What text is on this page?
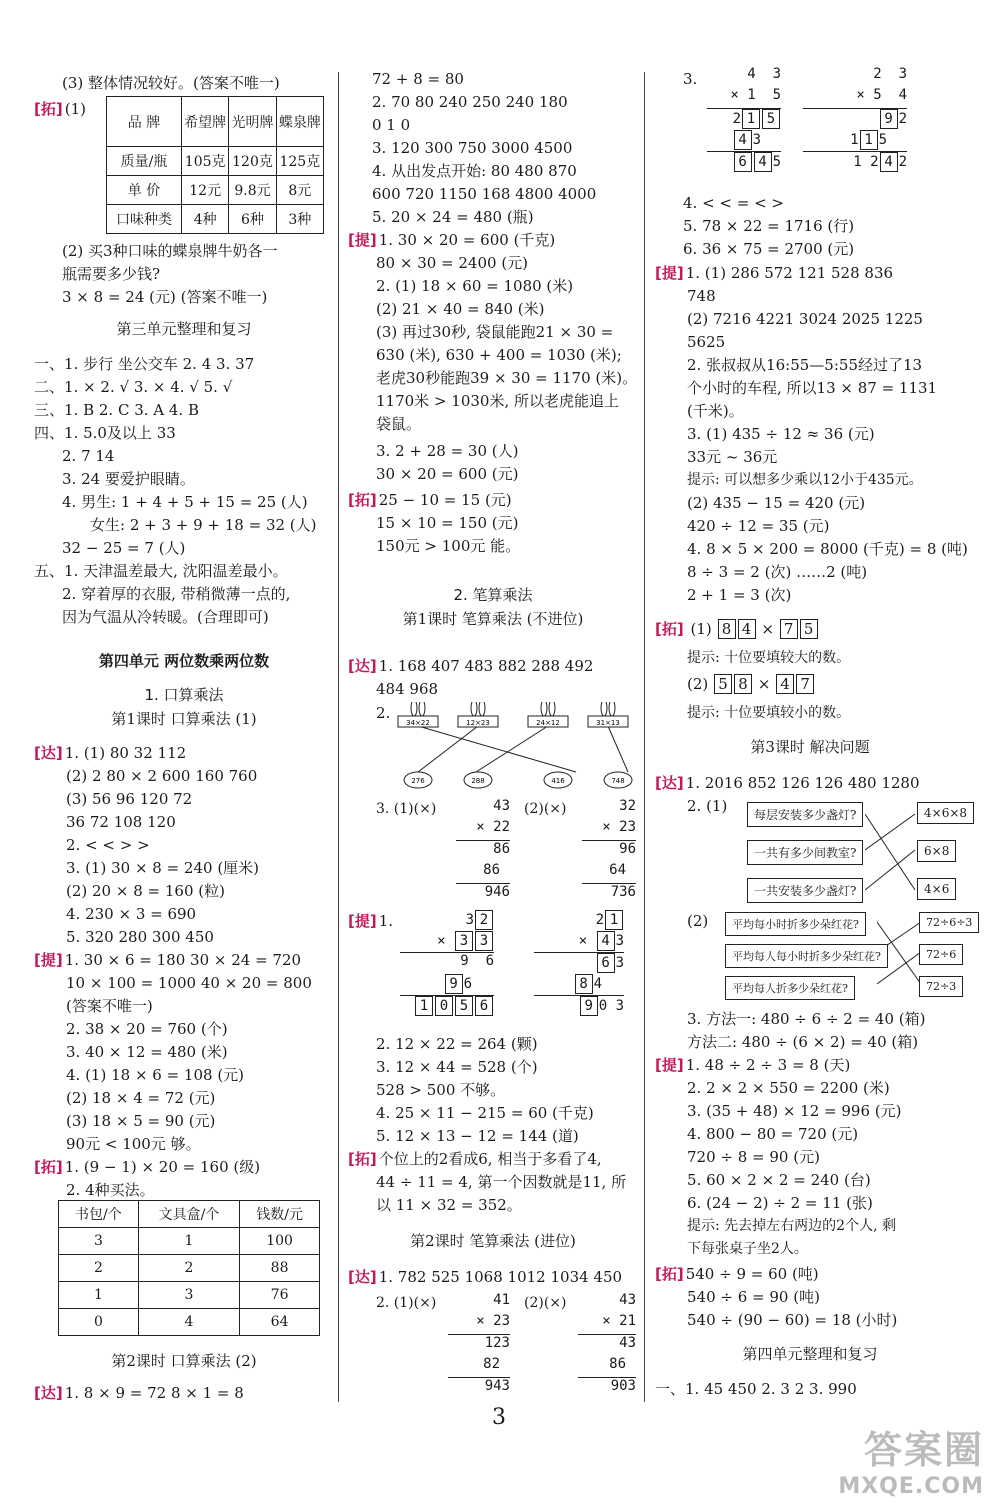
(3) 整体情况较好。(答案不唯一)
[拓] (1)
品 牌	希望牌	光明牌	蝶泉牌
质量/瓶	105克	120克	125克
单 价	12元	9.8元	8元
口味种类	4种	6种	3种
(2) 买3种口味的蝶泉牌牛奶各一
瓶需要多少钱?
3 × 8 = 24 (元) (答案不唯一)
第三单元整理和复习
一、1. 步行 坐公交车 2. 4 3. 37
二、1. × 2. √ 3. × 4. √ 5. √
三、1. B 2. C 3. A 4. B
四、1. 5.0及以上 33
2. 7 14
3. 24 要爱护眼睛。
4. 男生: 1 + 4 + 5 + 15 = 25 (人)
女生: 2 + 3 + 9 + 18 = 32 (人)
32 − 25 = 7 (人)
五、1. 天津温差最大, 沈阳温差最小。
2. 穿着厚的衣服, 带稍微薄一点的,
因为气温从冷转暖。(合理即可)
第四单元 两位数乘两位数
1. 口算乘法
第1课时 口算乘法 (1)
[达] 1. (1) 80 32 112
(2) 2 80 × 2 600 160 760
(3) 56 96 120 72
36 72 108 120
2. < < > >
3. (1) 30 × 8 = 240 (厘米)
(2) 20 × 8 = 160 (粒)
4. 230 × 3 = 690
5. 320 280 300 450
[提] 1. 30 × 6 = 180 30 × 24 = 720
10 × 100 = 1000 40 × 20 = 800
(答案不唯一)
2. 38 × 20 = 760 (个)
3. 40 × 12 = 480 (米)
4. (1) 18 × 6 = 108 (元)
(2) 18 × 4 = 72 (元)
(3) 18 × 5 = 90 (元)
90元 < 100元 够。
[拓] 1. (9 − 1) × 20 = 160 (级)
2. 4种买法。
书包/个	文具盒/个	钱数/元
3	1	100
2	2	88
1	3	76
0	4	64
第2课时 口算乘法 (2)
[达] 1. 8 × 9 = 72 8 × 1 = 8
72 + 8 = 80
2. 70 80 240 250 240 180
0 1 0
3. 120 300 750 3000 4500
4. 从出发点开始: 80 480 870
600 720 1150 168 4800 4000
5. 20 × 24 = 480 (瓶)
[提] 1. 30 × 20 = 600 (千克)
80 × 30 = 2400 (元)
2. (1) 18 × 60 = 1080 (米)
(2) 21 × 40 = 840 (米)
(3) 再过30秒, 袋鼠能跑21 × 30 =
630 (米), 630 + 400 = 1030 (米);
老虎30秒能跑39 × 30 = 1170 (米)。
1170米 > 1030米, 所以老虎能追上
袋鼠。
3. 2 + 28 = 30 (人)
30 × 20 = 600 (元)
[拓] 25 − 10 = 15 (元)
15 × 10 = 150 (元)
150元 > 100元 能。
2. 笔算乘法
第1课时 笔算乘法 (不进位)
[达] 1. 168 407 483 882 288 492
484 968
2.
34×22	12×23	24×12	31×13
276	288	416	748
3. (1)(×)	43
× 22
86
86
946
(2)(×)	32
× 23
96
64
736
[提] 1.	3 2
× 3 3
9 6
9 6
1 0 5 6
2 1
× 4 3
6 3
8 4
9 0 3
2. 12 × 22 = 264 (颗)
3. 12 × 44 = 528 (个)
528 > 500 不够。
4. 25 × 11 − 215 = 60 (千克)
5. 12 × 13 − 12 = 144 (道)
[拓] 个位上的2看成6, 相当于多看了4,
44 ÷ 11 = 4, 第一个因数就是11, 所
以 11 × 32 = 352。
第2课时 笔算乘法 (进位)
[达] 1. 782 525 1068 1012 1034 450
2. (1)(×)	41
× 23
123
82
943
(2)(×)	43
× 21
43
86
903
3.	4  3
× 1  5
2 1 5
4 3
6 4 5
2  3
× 5  4
9 2
1 1 5
1 2 4 2
4. < < = < >
5. 78 × 22 = 1716 (行)
6. 36 × 75 = 2700 (元)
[提] 1. (1) 286 572 121 528 836
748
(2) 7216 4221 3024 2025 1225
5625
2. 张叔叔从16:55—5:55经过了13
个小时的车程, 所以13 × 87 = 1131
(千米)。
3. (1) 435 ÷ 12 ≈ 36 (元)
33元 ~ 36元
提示: 可以想多少乘以12小于435元。
(2) 435 − 15 = 420 (元)
420 ÷ 12 = 35 (元)
4. 8 × 5 × 200 = 8000 (千克) = 8 (吨)
8 ÷ 3 = 2 (次) ……2 (吨)
2 + 1 = 3 (次)
[拓] (1) 8 4 × 7 5
提示: 十位要填较大的数。
(2) 5 8 × 4 7
提示: 十位要填较小的数。
第3课时 解决问题
[达] 1. 2016 852 126 126 480 1280
2. (1)	每层安装多少盏灯?
一共有多少间教室?
一共安装多少盏灯?
4×6×8
6×8
4×6
(2)	平均每小时折多少朵红花?
平均每人每小时折多少朵红花?
平均每人折多少朵红花?
72÷6÷3
72÷6
72÷3
3. 方法一: 480 ÷ 6 ÷ 2 = 40 (箱)
方法二: 480 ÷ (6 × 2) = 40 (箱)
[提] 1. 48 ÷ 2 ÷ 3 = 8 (天)
2. 2 × 2 × 550 = 2200 (米)
3. (35 + 48) × 12 = 996 (元)
4. 800 − 80 = 720 (元)
720 ÷ 8 = 90 (元)
5. 60 × 2 × 2 = 240 (台)
6. (24 − 2) ÷ 2 = 11 (张)
提示: 先去掉左右两边的2个人, 剩
下每张桌子坐2人。
[拓] 540 ÷ 9 = 60 (吨)
540 ÷ 6 = 90 (吨)
540 ÷ (90 − 60) = 18 (小时)
第四单元整理和复习
一、1. 45 450 2. 3 2 3. 990
3
答案圈
MXQE.COM
